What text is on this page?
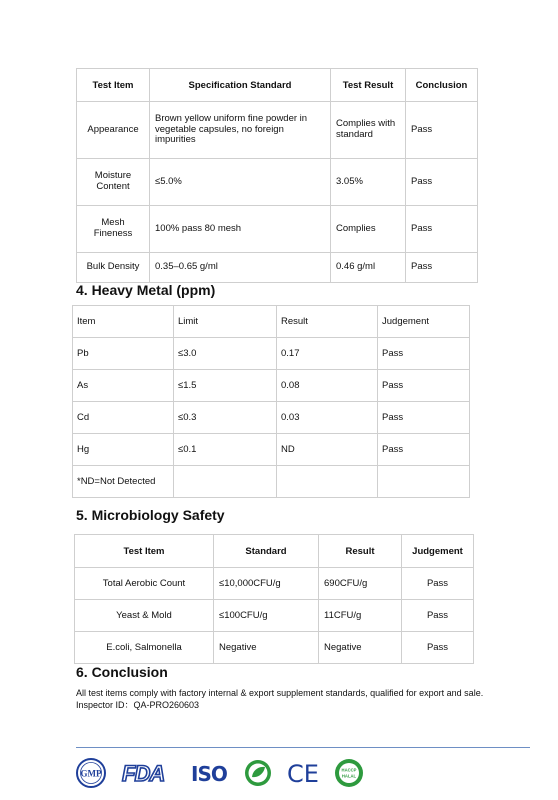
Test Item	Specification Standard	Test Result	Conclusion
Appearance	Brown yellow uniform fine powder in vegetable capsules, no foreign impurities	Complies with standard	Pass
Moisture Content	≤5.0%	3.05%	Pass
Mesh Fineness	100% pass 80 mesh	Complies	Pass
Bulk Density	0.35–0.65 g/ml	0.46 g/ml	Pass
4. Heavy Metal (ppm)
Item	Limit	Result	Judgement
Pb	≤3.0	0.17	Pass
As	≤1.5	0.08	Pass
Cd	≤0.3	0.03	Pass
Hg	≤0.1	ND	Pass
*ND=Not Detected			
5. Microbiology Safety
Test Item	Standard	Result	Judgement
Total Aerobic Count	≤10,000CFU/g	690CFU/g	Pass
Yeast & Mold	≤100CFU/g	11CFU/g	Pass
E.coli, Salmonella	Negative	Negative	Pass
6. Conclusion
All test items comply with factory internal & export supplement standards, qualified for export and sale.
Inspector ID：QA-PRO260603
GMP FDA ISO	CE	HACCP
HALAL
